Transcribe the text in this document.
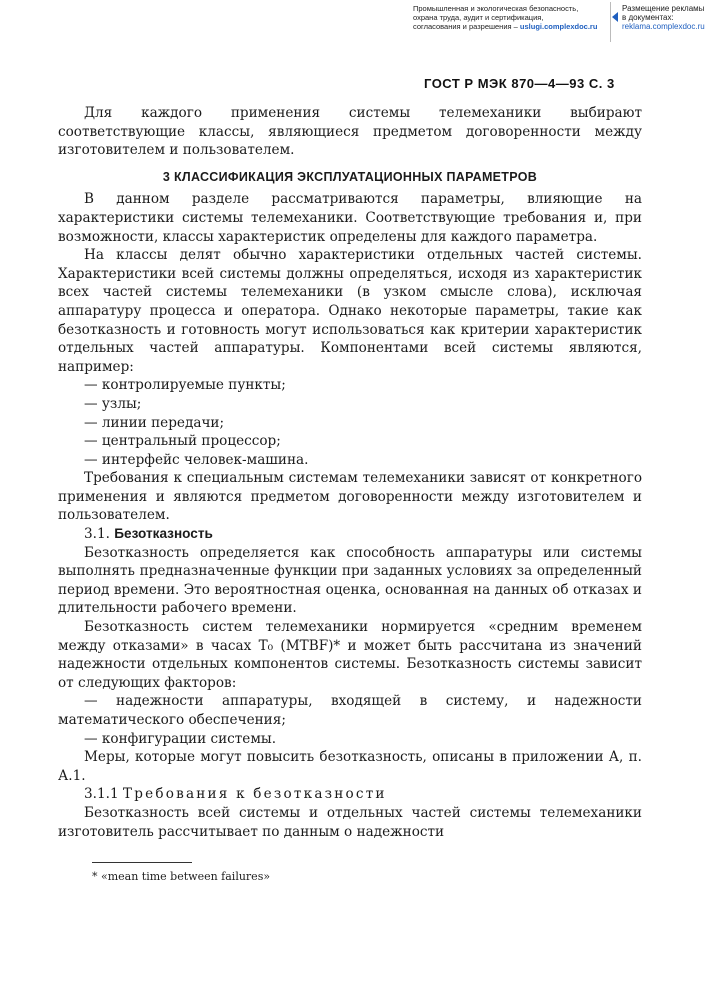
Промышленная и экологическая безопасность,
охрана труда, аудит и сертификация,
согласования и разрешения – uslugi.complexdoc.ru
Размещение рекламы
в документах:
reklama.complexdoc.ru
ГОСТ Р МЭК 870—4—93 С. 3

Для каждого применения системы телемеханики выбирают соответствующие классы, являющиеся предметом договоренности между изготовителем и пользователем.

3 КЛАССИФИКАЦИЯ ЭКСПЛУАТАЦИОННЫХ ПАРАМЕТРОВ

В данном разделе рассматриваются параметры, влияющие на характеристики системы телемеханики. Соответствующие требования и, при возможности, классы характеристик определены для каждого параметра.

На классы делят обычно характеристики отдельных частей системы. Характеристики всей системы должны определяться, исходя из характеристик всех частей системы телемеханики (в узком смысле слова), исключая аппаратуру процесса и оператора. Однако некоторые параметры, такие как безотказность и готовность могут использоваться как критерии характеристик отдельных частей аппаратуры. Компонентами всей системы являются, например:

— контролируемые пункты;

— узлы;

— линии передачи;

— центральный процессор;

— интерфейс человек-машина.

Требования к специальным системам телемеханики зависят от конкретного применения и являются предметом договоренности между изготовителем и пользователем.

3.1. Безотказность

Безотказность определяется как способность аппаратуры или системы выполнять предназначенные функции при заданных условиях за определенный период времени. Это вероятностная оценка, основанная на данных об отказах и длительности рабочего времени.

Безотказность систем телемеханики нормируется «средним временем между отказами» в часах T₀ (MTBF)* и может быть рассчитана из значений надежности отдельных компонентов системы. Безотказность системы зависит от следующих факторов:

— надежности аппаратуры, входящей в систему, и надежности математического обеспечения;

— конфигурации системы.

Меры, которые могут повысить безотказность, описаны в приложении А, п. А.1.

3.1.1 Требования к безотказности

Безотказность всей системы и отдельных частей системы телемеханики изготовитель рассчитывает по данным о надежности

* «mean time between failures»
